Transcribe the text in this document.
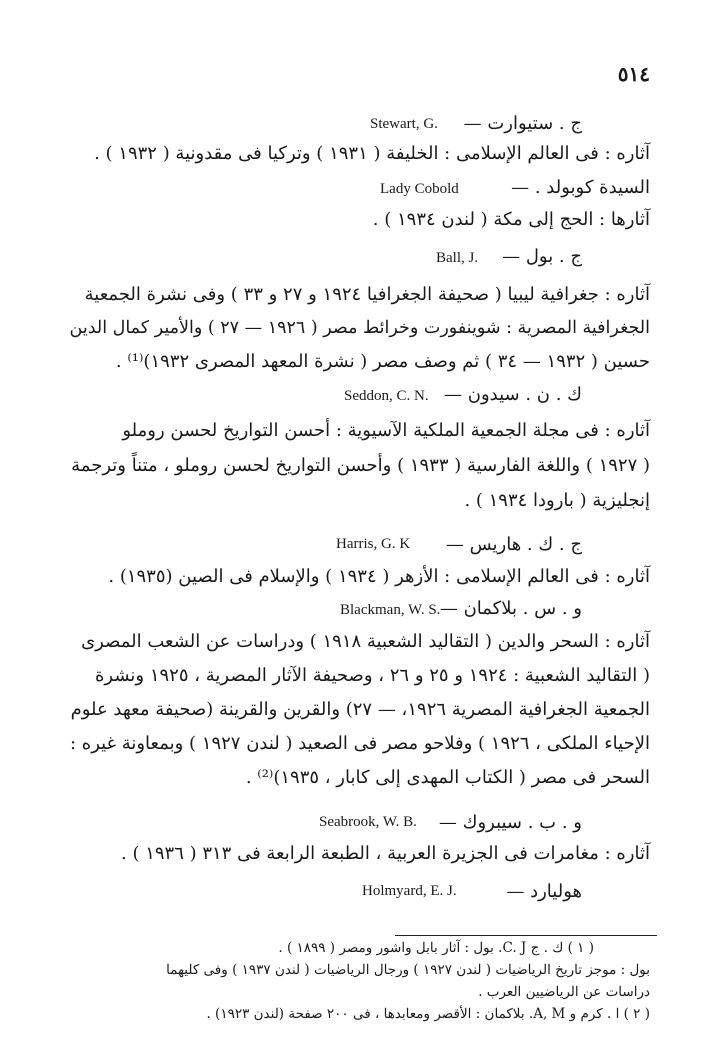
٥١٤
ج . ستيوارت —
Stewart, G.
آثاره : فى العالم الإسلامى : الخليفة ( ١٩٣١ ) وتركيا فى مقدونية ( ١٩٣٢ ) .
السيدة كوبولد . —
Lady Cobold
آثارها : الحج إلى مكة ( لندن ١٩٣٤ ) .
ج . بول —
Ball, J.
آثاره : جغرافية ليبيا ( صحيفة الجغرافيا ١٩٢٤ و ٢٧ و ٣٣ ) وفى نشرة الجمعية
الجغرافية المصرية : شوينفورت وخرائط مصر ( ١٩٢٦ — ٢٧ ) والأمير كمال الدين
حسين ( ١٩٣٢ — ٣٤ ) ثم وصف مصر ( نشرة المعهد المصرى ١٩٣٢)⁽¹⁾ .
ك . ن . سيدون —
Seddon, C. N.
آثاره : فى مجلة الجمعية الملكية الآسيوية : أحسن التواريخ لحسن روملو
( ١٩٢٧ ) واللغة الفارسية ( ١٩٣٣ ) وأحسن التواريخ لحسن روملو ، متناً وترجمة
إنجليزية ( بارودا ١٩٣٤ ) .
ج . ك . هاريس —
Harris, G. K
آثاره : فى العالم الإسلامى : الأزهر ( ١٩٣٤ ) والإسلام فى الصين (١٩٣٥) .
و . س . بلاكمان —
Blackman, W. S.
آثاره : السحر والدين ( التقاليد الشعبية ١٩١٨ ) ودراسات عن الشعب المصرى
( التقاليد الشعبية : ١٩٢٤ و ٢٥ و ٢٦ ، وصحيفة الآثار المصرية ، ١٩٢٥ ونشرة
الجمعية الجغرافية المصرية ١٩٢٦، — ٢٧) والقرين والقرينة (صحيفة معهد علوم
الإحياء الملكى ، ١٩٢٦ ) وفلاحو مصر فى الصعيد ( لندن ١٩٢٧ ) وبمعاونة غيره :
السحر فى مصر ( الكتاب المهدى إلى كابار ، ١٩٣٥)⁽²⁾ .
و . ب . سيبروك —
Seabrook, W. B.
آثاره : مغامرات فى الجزيرة العربية ، الطبعة الرابعة فى ٣١٣ ( ١٩٣٦ ) .
هوليارد —
Holmyard, E. J.
( ١ ) ك . ج C. J. بول : آثار بابل واشور ومصر ( ١٨٩٩ ) .
بول : موجز تاريخ الرياضيات ( لندن ١٩٢٧ ) ورجال الرياضيات ( لندن ١٩٣٧ ) وفى كليهما
دراسات عن الرياضيين العرب .
( ٢ ) ا . كرم و A, M. بلاكمان : الأقصر ومعابدها ، فى ٢٠٠ صفحة (لندن ١٩٢٣) .
